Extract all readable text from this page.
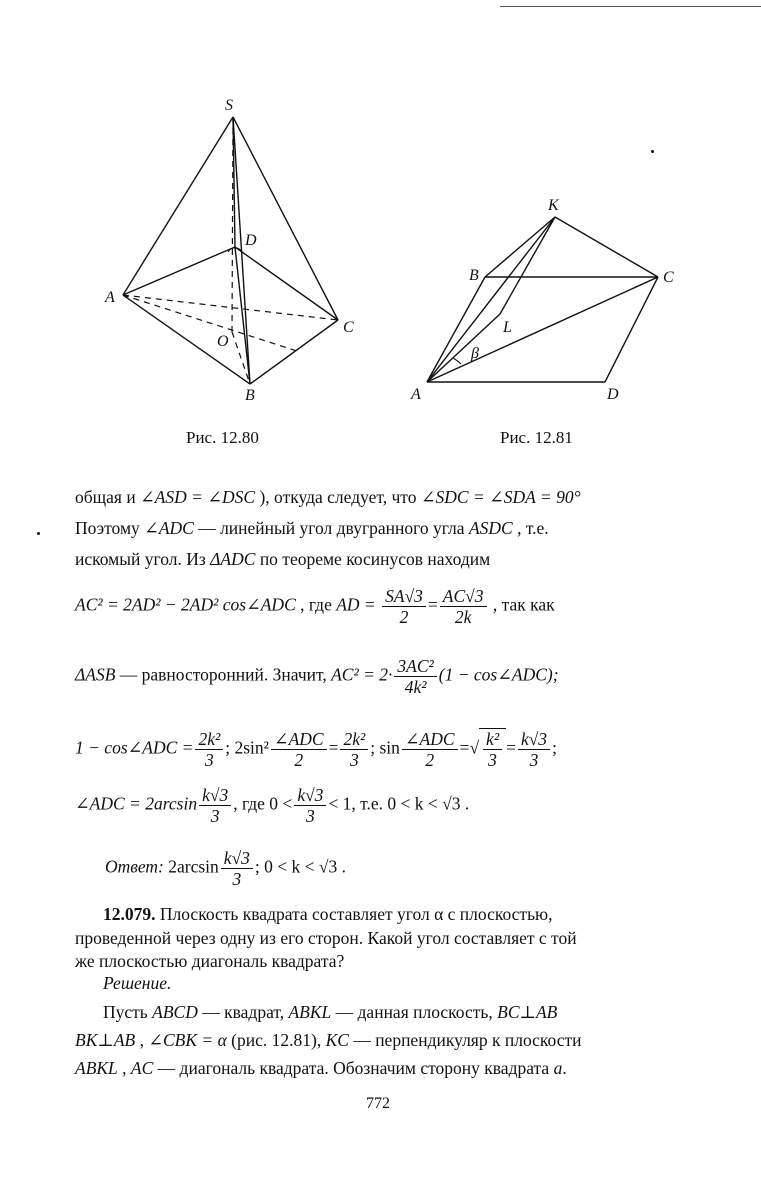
S
D
A
C
O
B
Рис. 12.80
K
B	C
L
β
A	D
Рис. 12.81
общая и ∠ASD = ∠DSC ), откуда следует, что ∠SDC = ∠SDA = 90°
Поэтому ∠ADC — линейный угол двугранного угла ASDC , т.е.
искомый угол. Из ΔADC по теореме косинусов находим
AC² = 2AD² − 2AD² cos∠ADC , где AD = $\frac{SA√3}{2} = \frac{AC√3}{2k}$ , так как
ΔASB — равносторонний. Значит, $AC^2 = 2\cdot \frac{\text{3AC²}}{\text{4k²}} (1$ − cos∠ADC);
1 − cos∠ADC = $\frac{\text{2k²}}{3}$ ; $2\sin^2 \frac{\text{∠ADC}}{2} = \frac{\text{2k²}}{3}$ ; $\sin \frac{\text{∠ADC}}{2}$ =√ $\frac{\text{k²}}{3} = \frac{k√3}{3}$ ;
∠ADC = $2\arcsin \frac{k√3}{3}$ , где $0 < \frac{k√3}{3} < 1$, т.е. 0 < k < √3 .
Ответ: $2\arcsin \frac{k√3}{3}$ ; 0 < k < √3 .
12.079. Плоскость квадрата составляет угол α с плоскостью,
проведенной через одну из его сторон. Какой угол составляет с той
же плоскостью диагональ квадрата?
Решение.
Пусть ABCD — квадрат, ABKL — данная плоскость, BC⊥AB
BK⊥AB , ∠CBK = α (рис. 12.81), KC — перпендикуляр к плоскости
ABKL , AC — диагональ квадрата. Обозначим сторону квадрата a.
772
